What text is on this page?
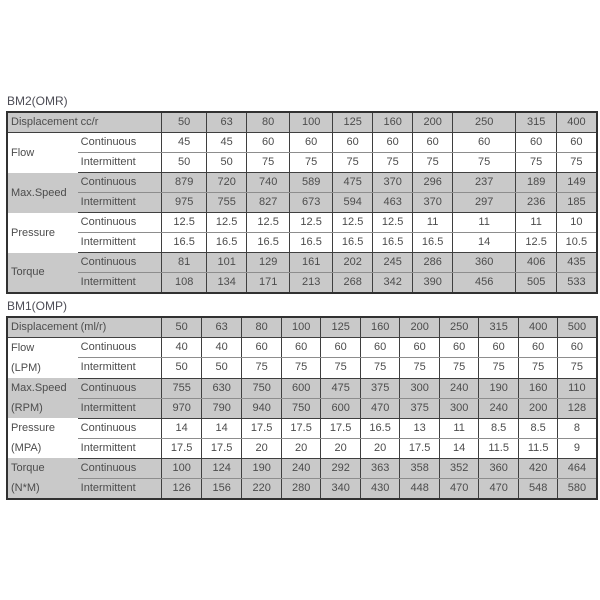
BM2(OMR)
Displacement	cc/r	50	63	80	100	125	160	200	250	315	400

Flow	Continuous	45	45	60	60	60	60	60	60	60	60
	Intermittent	50	50	75	75	75	75	75	75	75	75

Max.Speed	Continuous	879	720	740	589	475	370	296	237	189	149
	Intermittent	975	755	827	673	594	463	370	297	236	185

Pressure	Continuous	12.5	12.5	12.5	12.5	12.5	12.5	11	11	11	10
	Intermittent	16.5	16.5	16.5	16.5	16.5	16.5	16.5	14	12.5	10.5

Torque	Continuous	81	101	129	161	202	245	286	360	406	435
	Intermittent	108	134	171	213	268	342	390	456	505	533
BM1(OMP)
Displacement	(ml/r)	50	63	80	100	125	160	200	250	315	400	500

Flow
(LPM)	Continuous	40	40	60	60	60	60	60	60	60	60	60
	Intermittent	50	50	75	75	75	75	75	75	75	75	75

Max.Speed
(RPM)	Continuous	755	630	750	600	475	375	300	240	190	160	110
	Intermittent	970	790	940	750	600	470	375	300	240	200	128

Pressure
(MPA)	Continuous	14	14	17.5	17.5	17.5	16.5	13	11	8.5	8.5	8
	Intermittent	17.5	17.5	20	20	20	20	17.5	14	11.5	11.5	9

Torque
(N*M)	Continuous	100	124	190	240	292	363	358	352	360	420	464
	Intermittent	126	156	220	280	340	430	448	470	470	548	580
